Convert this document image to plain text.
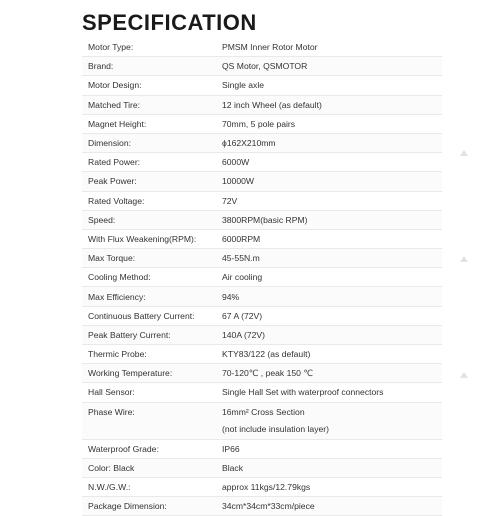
SPECIFICATION
Motor Type:	PMSM Inner Rotor Motor
Brand:	QS Motor, QSMOTOR
Motor Design:	Single axle
Matched Tire:	12 inch Wheel (as default)
Magnet Height:	70mm, 5 pole pairs
Dimension:	ϕ162X210mm
Rated Power:	6000W
Peak Power:	10000W
Rated Voltage:	72V
Speed:	3800RPM(basic RPM)
With Flux Weakening(RPM):	6000RPM
Max Torque:	45-55N.m
Cooling Method:	Air cooling
Max Efficiency:	94%
Continuous Battery Current:	67 A (72V)
Peak Battery Current:	140A (72V)
Thermic Probe:	KTY83/122 (as default)
Working Temperature:	70-120℃ , peak 150 ℃
Hall Sensor:	Single Hall Set with waterproof connectors
Phase Wire:	16mm² Cross Section
(not include insulation layer)
Waterproof Grade:	IP66
Color: Black	Black
N.W./G.W.:	approx 11kgs/12.79kgs
Package Dimension:	34cm*34cm*33cm/piece
